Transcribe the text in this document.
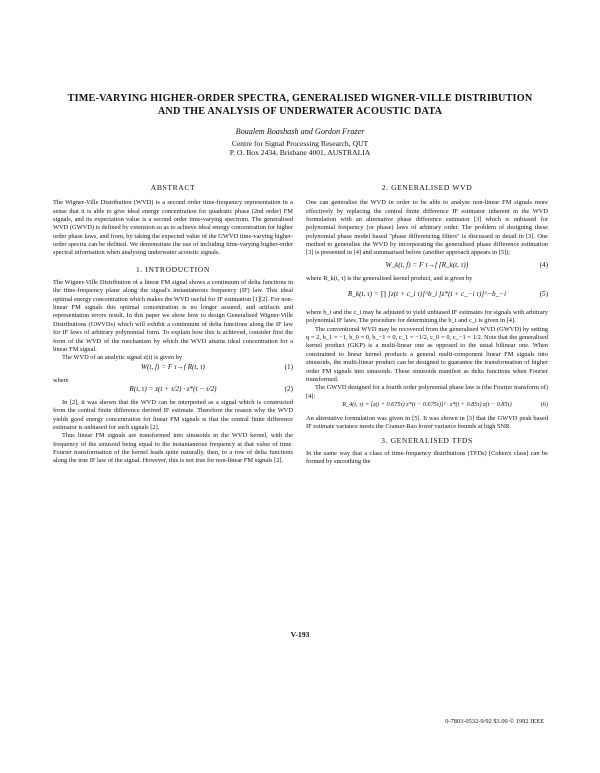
TIME-VARYING HIGHER-ORDER SPECTRA, GENERALISED WIGNER-VILLE DISTRIBUTION AND THE ANALYSIS OF UNDERWATER ACOUSTIC DATA
Boualem Boashash and Gordon Frazer
Centre for Signal Processing Research, QUT
P. O. Box 2434, Brisbane 4001, AUSTRALIA
ABSTRACT

The Wigner-Ville Distribution (WVD) is a second order time-frequency representation in a sense that it is able to give ideal energy concentration for quadratic phase (2nd order) FM signals, and its expectation value is a second order time-varying spectrum. The generalised WVD (GWVD) is defined by extension so as to achieve ideal energy concentration for higher order phase laws, and from, by taking the expected value of the GWVD time-varying higher-order spectra can be defined. We demonstrate the use of including time-varying higher-order spectral information when analysing underwater acoustic signals.

1. INTRODUCTION

The Wigner-Ville Distribution of a linear FM signal shows a continuum of delta functions in the time-frequency plane along the signal's instantaneous frequency (IF) law. This ideal optimal energy concentration which makes the WVD useful for IF estimation [1][2]. For non-linear FM signals this optimal concentration is no longer assured, and artifacts and representation errors result. In this paper we show how to design Generalised Wigner-Ville Distributions (GWVDs) which will exhibit a continuum of delta functions along the IF law for IF laws of arbitrary polynomial form. To explain how this is achieved, consider first the form of the WVD of the mechanism by which the WVD attains ideal concentration for a linear FM signal.

The WVD of an analytic signal z(t) is given by

W(t, f) = F τ→f R(t, τ)	(1)

where

R(t, τ) = z(t + τ/2) · z*(t − τ/2)	(2)

In [2], it was shown that the WVD can be interpreted as a signal which is constructed from the central finite difference derived IF estimate. Therefore the reason why the WVD yields good energy concentration for linear FM signals is that the central finite difference estimator is unbiased for such signals [2].

Thus linear FM signals are transformed into sinusoids in the WVD kernel, with the frequency of the sinusoid being equal to the instantaneous frequency at that value of time. Fourier transformation of the kernel leads quite naturally, then, to a row of delta functions along the true IF law of the signal. However, this is not true for non-linear FM signals [2].

2. GENERALISED WVD

One can generalise the WVD in order to be able to analyse non-linear FM signals more effectively by replacing the central finite difference IF estimator inherent in the WVD formulation with an alternative phase difference estimator [3] which is unbiased for polynomial frequency (or phase) laws of arbitrary order. The problem of designing these polynomial phase model based "phase differencing filters" is discussed in detail in [3]. One method to generalise the WVD by incorporating the generalised phase difference estimation [3] is presented in [4] and summarised below (another approach appears in [5]);

W_k(t, f) = F τ→f [R_k(t, τ)]	(4)

where R_k(t, τ) is the generalised kernel product, and is given by

R_k(t, τ) = ∏ [z(t + c_i τ)]^b_i [z*(t + c_−i τ)]^−b_−i	(5)

where b_i and the c_i may be adjusted to yield unbiased IF estimates for signals with arbitrary polynomial IF laws. The procedure for determining the b_i and c_i is given in [4].

The conventional WVD may be recovered from the generalised WVD (GWVD) by setting q = 2, b_1 = −1, b_0 = 0, b_−1 = 0, c_1 = −1/2, c_0 = 0, c_−1 = 1/2. Note that the generalised kernel product (GKP) is a multi-linear one as opposed to the usual bilinear one. When constrained to linear kernel products a general multi-component linear FM signals into sinusoids, the multi-linear product can be designed to guarantee the transformation of higher order FM signals into sinusoids. These sinusoids manifest as delta functions when Fourier transformed.

The GWVD designed for a fourth order polynomial phase law is (the Fourier transform of) [4]:

R_4(t, τ) = [z(t + 0.675τ) z*(t − 0.675τ)]² · z*(t + 0.85τ) z(t − 0.85τ)	(6)

An alternative formulation was given in [5]. It was shown in [3] that the GWVD peak based IF estimate variance meets the Cramer-Rao lower variance bounds at high SNR.

3. GENERALISED TFDS

In the same way that a class of time-frequency distributions (TFDs) [Cohen's class] can be formed by smoothing the

V-193
0-7803-0532-9/92 $3.00 © 1992 IEEE
